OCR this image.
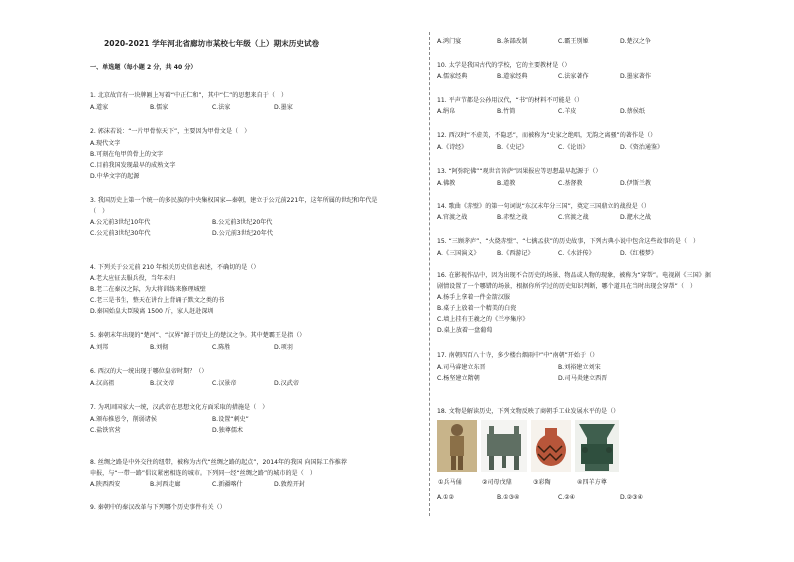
2020-2021 学年河北省廊坊市某校七年级（上）期末历史试卷
一、单选题（每小题 2 分，共 40 分）
1. 北京故宫有一块牌匾上写着“中正仁和”，其中“仁”的思想来自于（　）
A.道家	B.儒家	C.法家	D.墨家
2. 郭沫若说：“一片甲骨惊天下”，主要因为甲骨文是（　）
A.现代文字
B.可刻在龟甲兽骨上的文字
C.目前我国发现最早的成熟文字
D.中华文字的起源
3. 我国历史上第一个统一的多民族的中央集权国家—秦朝，建立于公元前221年，这年所属的世纪和年代是
（　）
A.公元前3世纪10年代	B.公元前3世纪20年代
C.公元前3世纪30年代	D.公元前3世纪20年代
4. 下列关于公元前 210 年相关历史信息表述，不确切的是（）
A.老大应征去服兵役，当年未归
B.老二在秦汉之际，为大将训练来修理城壁
C.老三是书生，整天在讲台上背诵子默文之类的书
D.秦国始皇大臣陵离 1500 斤，家人赶赴深圳
5. 秦朝末年出现的“楚河”、“汉界”源于历史上的楚汉之争。其中楚霸王是指（）
A.刘邦	B.刘彻	C.陈胜	D.项羽
6. 西汉的大一统出现于哪位皇帝时期？（）
A.汉高祖	B.汉文帝	C.汉景帝	D.汉武帝
7. 为巩固国家大一统，汉武帝在思想文化方面采取的措施是（　）
A.颁布推恩令，削弱诸侯	B.设置“刺史”
C.盐铁官营	D.独尊儒术
8. 丝绸之路是中外交往的纽带，被称为古代“丝绸之路的起点”，2014年的我国 向国际工作推荐
申报，与“一带一路”倡议紧密相连的城市。下列同一经“丝绸之路”的城市的是（　）
A.陕西西安	B.河西走廊	C.新疆喀什	D.敦煌开封
9. 秦朝中的秦汉改革与下列哪个历史事件有关（）
A.鸿门宴	B.条部改制	C.霸王别姬	D.楚汉之争
10. 太学是我国古代的学校，它的主要教材是（）
A.儒家经典	B.道家经典	C.法家著作	D.墨家著作
11. 平声节都是公孙用汉代，“书”的材料不可能是（）
A.绢帛	B.竹简	C.羊皮	D.蔡侯纸
12. 西汉时“不虚美，不隐恶”，而被称为“史家之绝唱，无韵之离骚”的著作是（）
A.《诗经》	B.《史记》	C.《论语》	D.《资治通鉴》
13. “阿弥陀佛”“观世音菩萨”因果报应等思想最早起源于（）
A.佛教	B.道教	C.基督教	D.伊斯兰教
14. 歌曲《赤壁》的第一句词说“东汉末年分三国”，奠定三国鼎立的战役是（）
A.官渡之战	B.赤壁之战	C.官渡之战	D.淝水之战
15. “三顾茅庐”、“火烧赤壁”、“七擒孟获”的历史故事，下列古典小说中包含这些故事的是（　）
A.《三国演义》	B.《西游记》	C.《水浒传》	D.《红楼梦》
16. 在影视作品中，因为出现不合历史的场景、物品或人物的现象，被称为“穿帮”。电视剧《三国》据
剧情设置了一个哪错的场景，根据你所学过的历史知识判断，哪个道具在当时出现会穿帮”（　）
A.扬手上拿着一件金箭汉服
B.桌子上放着一个精美的白瓷
C.墙上挂有王羲之的《兰亭集序》
D.桌上放着一盘葡萄
17. 南朝四百八十寺，多少楼台烟雨中”中“南朝”开始于（）
A.司马睿建立东晋	B.刘裕建立刘宋
C.杨坚建立隋朝	D.司马炎建立西晋
18. 文物是解读历史，下列文物反映了商朝手工业发展水平的是（）
①兵马俑	②司母戊鼎	③彩陶	④四羊方尊
A.①②	B.①③④	C.②④	D.②③④
